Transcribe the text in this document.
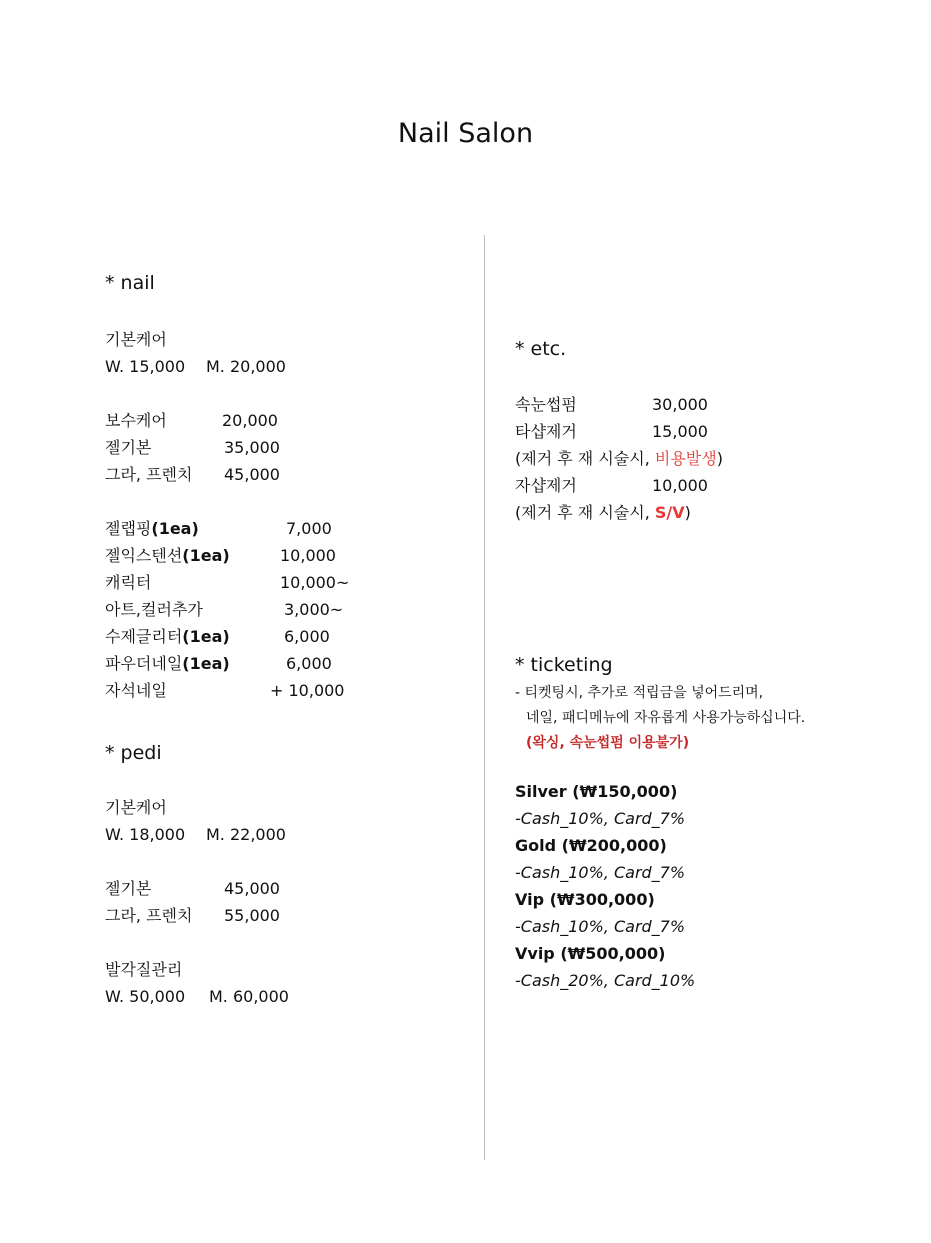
Nail Salon
* nail
기본케어
W. 15,000 M. 20,000
보수케어	20,000
젤기본	35,000
그라, 프렌치 45,000
젤랩핑(1ea)	7,000
젤익스텐션(1ea)	10,000
캐릭터	10,000~
아트,컬러추가	3,000~
수제글리터(1ea)	6,000
파우더네일(1ea)	6,000
자석네일	+ 10,000
* pedi
기본케어
W. 18,000 M. 22,000
젤기본	45,000
그라, 프렌치 55,000
발각질관리
W. 50,000 M. 60,000
* etc.
속눈썹펌	30,000
타샵제거	15,000
(제거 후 재 시술시, 비용발생)
자샵제거	10,000
(제거 후 재 시술시, S/V)
* ticketing
- 티켓팅시, 추가로 적립금을 넣어드리며,
네일, 패디메뉴에 자유롭게 사용가능하십니다.
(왁싱, 속눈썹펌 이용불가)
Silver (₩150,000)
-Cash_10%, Card_7%
Gold (₩200,000)
-Cash_10%, Card_7%
Vip (₩300,000)
-Cash_10%, Card_7%
Vvip (₩500,000)
-Cash_20%, Card_10%
